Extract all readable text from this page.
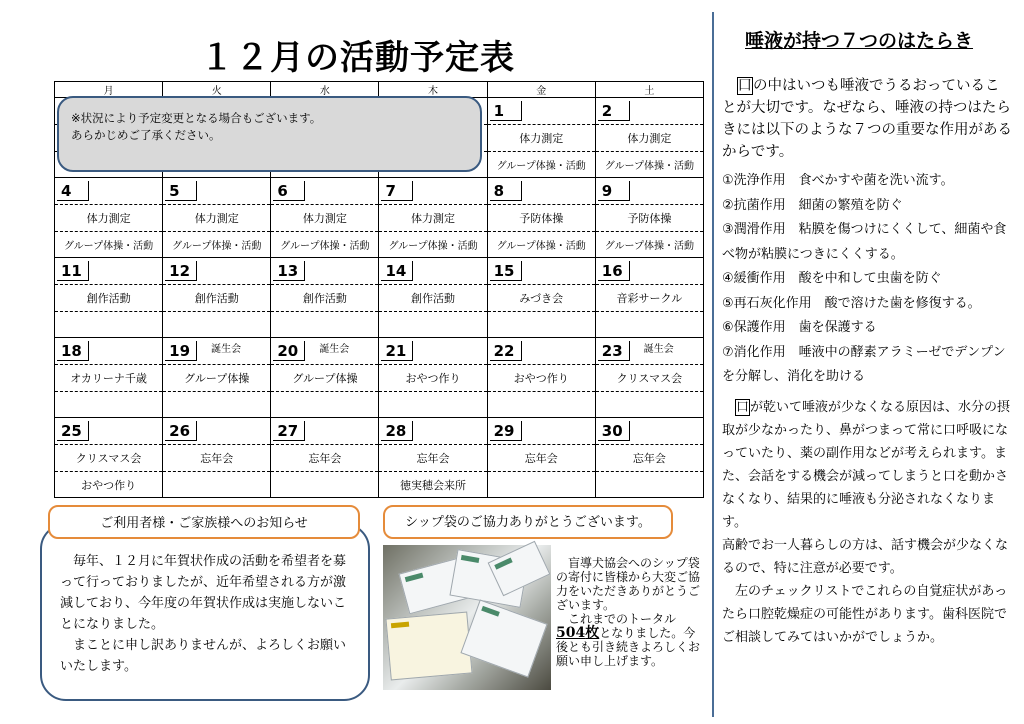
１２月の活動予定表
月	火	水	木	金	土
				1	2
				体力測定	体力測定
				グループ体操・活動	グループ体操・活動
4	5	6	7	8	9
体力測定	体力測定	体力測定	体力測定	予防体操	予防体操
グループ体操・活動	グループ体操・活動	グループ体操・活動	グループ体操・活動	グループ体操・活動	グループ体操・活動
11	12	13	14	15	16
創作活動	創作活動	創作活動	創作活動	みづき会	音彩サークル

18	19 誕生会	20 誕生会	21	22	23 誕生会
オカリーナ千歳	グループ体操	グループ体操	おやつ作り	おやつ作り	クリスマス会

25	26	27	28	29	30
クリスマス会	忘年会	忘年会	忘年会	忘年会	忘年会
おやつ作り			徳実穂会来所		
※状況により予定変更となる場合もございます。
あらかじめご了承ください。

毎年、１２月に年賀状作成の活動を希望者を募って行っておりましたが、近年希望される方が激減しており、今年度の年賀状作成は実施しないことになりました。

まことに申し訳ありませんが、よろしくお願いいたします。

ご利用者様・ご家族様へのお知らせ	シップ袋のご協力ありがとうございます。

　盲導犬協会へのシップ袋の寄付に皆様から大変ご協力をいただきありがとうございます。

　これまでのトータル504枚となりました。今後とも引き続きよろしくお願い申し上げます。

唾液が持つ７つのはたらき

口の中はいつも唾液でうるおっていることが大切です。なぜなら、唾液の持つはたらきには以下のような７つの重要な作用があるからです。

①洗浄作用　食べかすや菌を洗い流す。
②抗菌作用　細菌の繁殖を防ぐ
③潤滑作用　粘膜を傷つけにくくして、細菌や食べ物が粘膜につきにくくする。
④緩衝作用　酸を中和して虫歯を防ぐ
⑤再石灰化作用　酸で溶けた歯を修復する。
⑥保護作用　歯を保護する
⑦消化作用　唾液中の酵素アラミーゼでデンプンを分解し、消化を助ける

口が乾いて唾液が少なくなる原因は、水分の摂取が少なかったり、鼻がつまって常に口呼吸になっていたり、薬の副作用などが考えられます。また、会話をする機会が減ってしまうと口を動かさなくなり、結果的に唾液も分泌されなくなります。

高齢でお一人暮らしの方は、話す機会が少なくなるので、特に注意が必要です。

左のチェックリストでこれらの自覚症状があったら口腔乾燥症の可能性があります。歯科医院でご相談してみてはいかがでしょうか。
